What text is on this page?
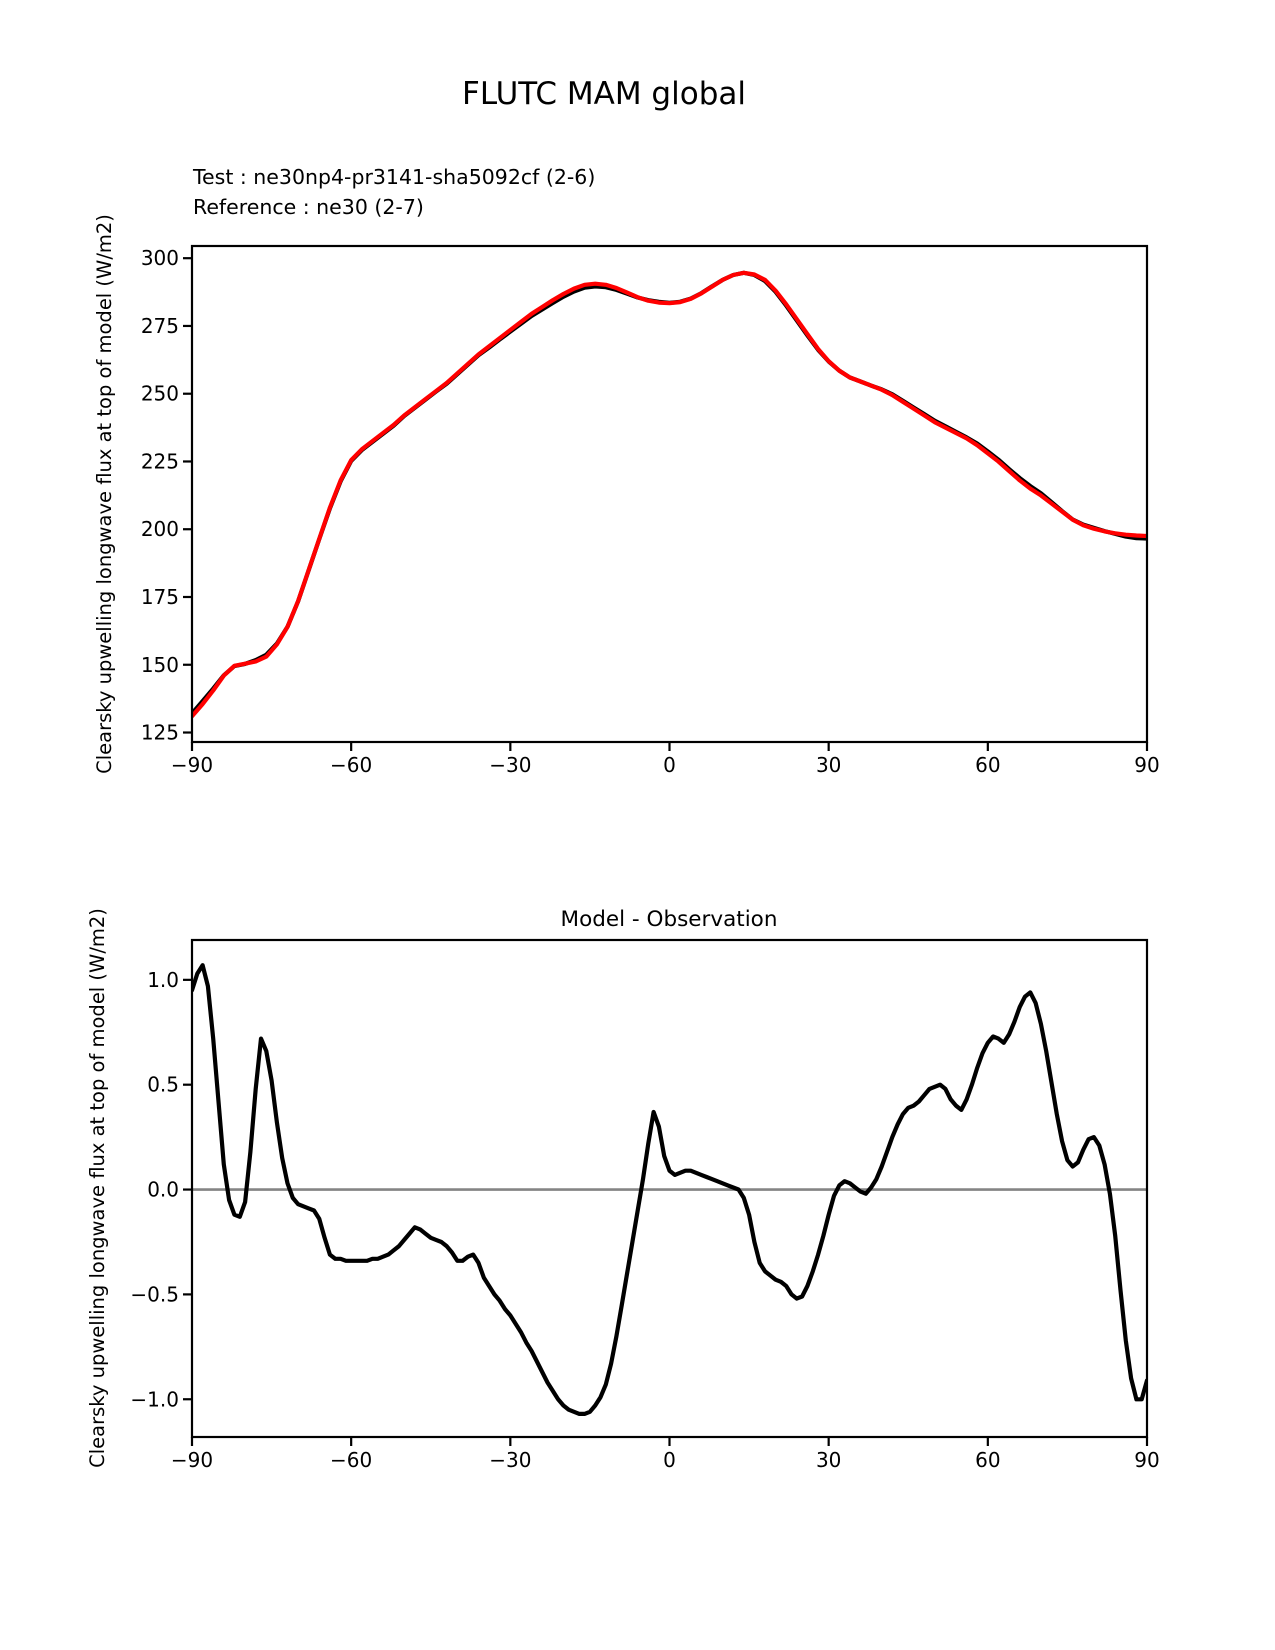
FLUTC MAM global
Test : ne30np4-pr3141-sha5092cf (2-6)
Reference : ne30 (2-7)
Clearsky upwelling longwave flux at top of model (W/m2)
Model - Observation
Clearsky upwelling longwave flux at top of model (W/m2)
−90	−60	−30	0	30	60	90
125
150
175
200
225
250
275
300
−90	−60	−30	0	30	60	90
1.0
0.5
0.0
−0.5
−1.0
